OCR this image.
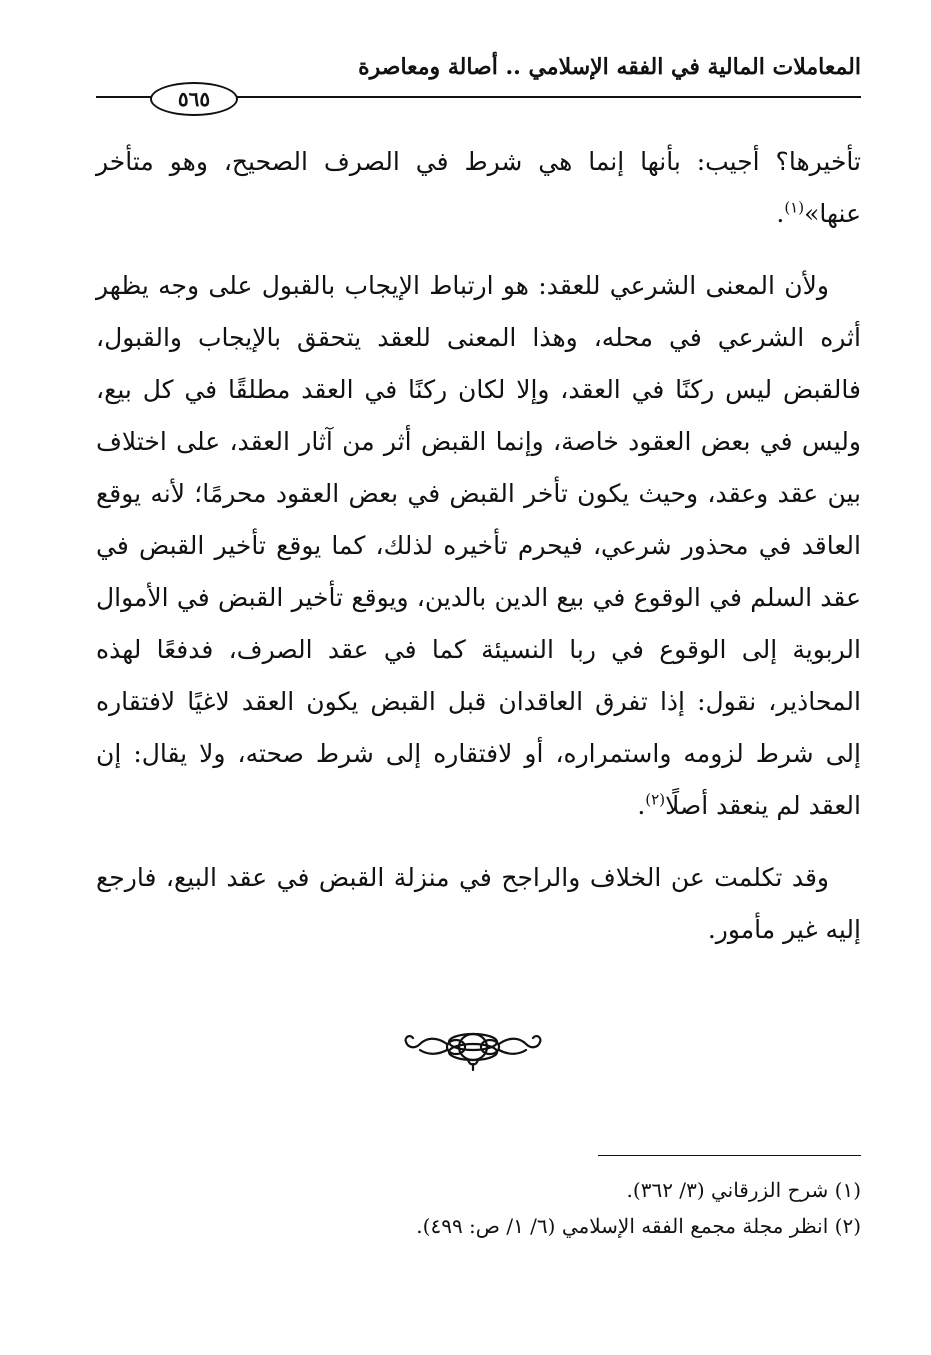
المعاملات المالية في الفقه الإسلامي .. أصالة ومعاصرة
٥٦٥

تأخيرها؟ أجيب: بأنها إنما هي شرط في الصرف الصحيح، وهو متأخر عنها»$^{(١)}$.

ولأن المعنى الشرعي للعقد: هو ارتباط الإيجاب بالقبول على وجه يظهر أثره الشرعي في محله، وهذا المعنى للعقد يتحقق بالإيجاب والقبول، فالقبض ليس ركنًا في العقد، وإلا لكان ركنًا في العقد مطلقًا في كل بيع، وليس في بعض العقود خاصة، وإنما القبض أثر من آثار العقد، على اختلاف بين عقد وعقد، وحيث يكون تأخر القبض في بعض العقود محرمًا؛ لأنه يوقع العاقد في محذور شرعي، فيحرم تأخيره لذلك، كما يوقع تأخير القبض في عقد السلم في الوقوع في بيع الدين بالدين، ويوقع تأخير القبض في الأموال الربوية إلى الوقوع في ربا النسيئة كما في عقد الصرف، فدفعًا لهذه المحاذير، نقول: إذا تفرق العاقدان قبل القبض يكون العقد لاغيًا لافتقاره إلى شرط لزومه واستمراره، أو لافتقاره إلى شرط صحته، ولا يقال: إن العقد لم ينعقد أصلًا$^{(٢)}$.

وقد تكلمت عن الخلاف والراجح في منزلة القبض في عقد البيع، فارجع إليه غير مأمور.

(١) شرح الزرقاني (٣/ ٣٦٢).
(٢) انظر مجلة مجمع الفقه الإسلامي (٦/ ١/ ص: ٤٩٩).
